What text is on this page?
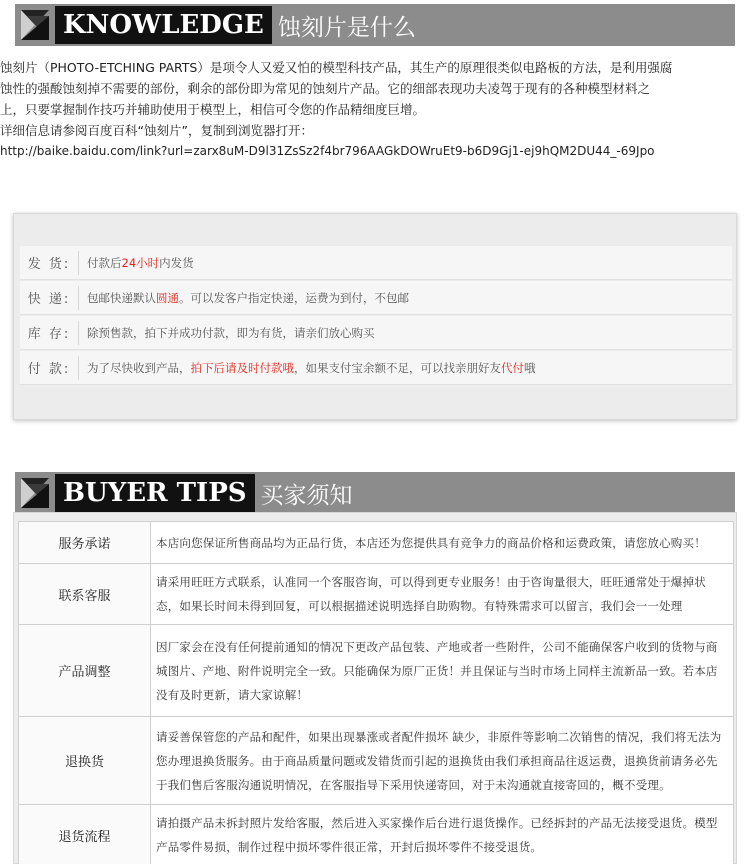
KNOWLEDGE 蚀刻片是什么

蚀刻片（PHOTO-ETCHING PARTS）是项令人又爱又怕的模型科技产品，其生产的原理很类似电路板的方法，是利用强腐

蚀性的强酸蚀刻掉不需要的部份，剩余的部份即为常见的蚀刻片产品。它的细部表现功夫凌驾于现有的各种模型材料之

上，只要掌握制作技巧并辅助使用于模型上，相信可令您的作品精细度巨增。

详细信息请参阅百度百科“蚀刻片”，复制到浏览器打开：

http://baike.baidu.com/link?url=zarx8uM-D9l31ZsSz2f4br796AAGkDOWruEt9-b6D9Gj1-ej9hQM2DU44_-69Jpo

发 货:	付款后24小时内发货
快 递:	包邮快递默认圆通。可以发客户指定快递，运费为到付，不包邮
库 存:	除预售款，拍下并成功付款，即为有货，请亲们放心购买
付 款:	为了尽快收到产品，拍下后请及时付款哦，如果支付宝余额不足，可以找亲朋好友代付哦
BUYER TIPS 买家须知
服务承诺	本店向您保证所售商品均为正品行货，本店还为您提供具有竞争力的商品价格和运费政策，请您放心购买！
联系客服	请采用旺旺方式联系，认准同一个客服咨询，可以得到更专业服务！由于咨询量很大，旺旺通常处于爆掉状态，如果长时间未得到回复，可以根据描述说明选择自助购物。有特殊需求可以留言，我们会一一处理
产品调整	因厂家会在没有任何提前通知的情况下更改产品包装、产地或者一些附件，公司不能确保客户收到的货物与商城图片、产地、附件说明完全一致。只能确保为原厂正货！并且保证与当时市场上同样主流新品一致。若本店没有及时更新，请大家谅解！
退换货	请妥善保管您的产品和配件，如果出现暴涨或者配件损坏 缺少，非原件等影响二次销售的情况，我们将无法为您办理退换货服务。由于商品质量问题或发错货而引起的退换货由我们承担商品往返运费，退换货前请务必先于我们售后客服沟通说明情况，在客服指导下采用快递寄回，对于未沟通就直接寄回的，概不受理。
退货流程	请拍摄产品未拆封照片发给客服，然后进入买家操作后台进行退货操作。已经拆封的产品无法接受退货。模型产品零件易损，制作过程中损坏零件很正常，开封后损坏零件不接受退货。
